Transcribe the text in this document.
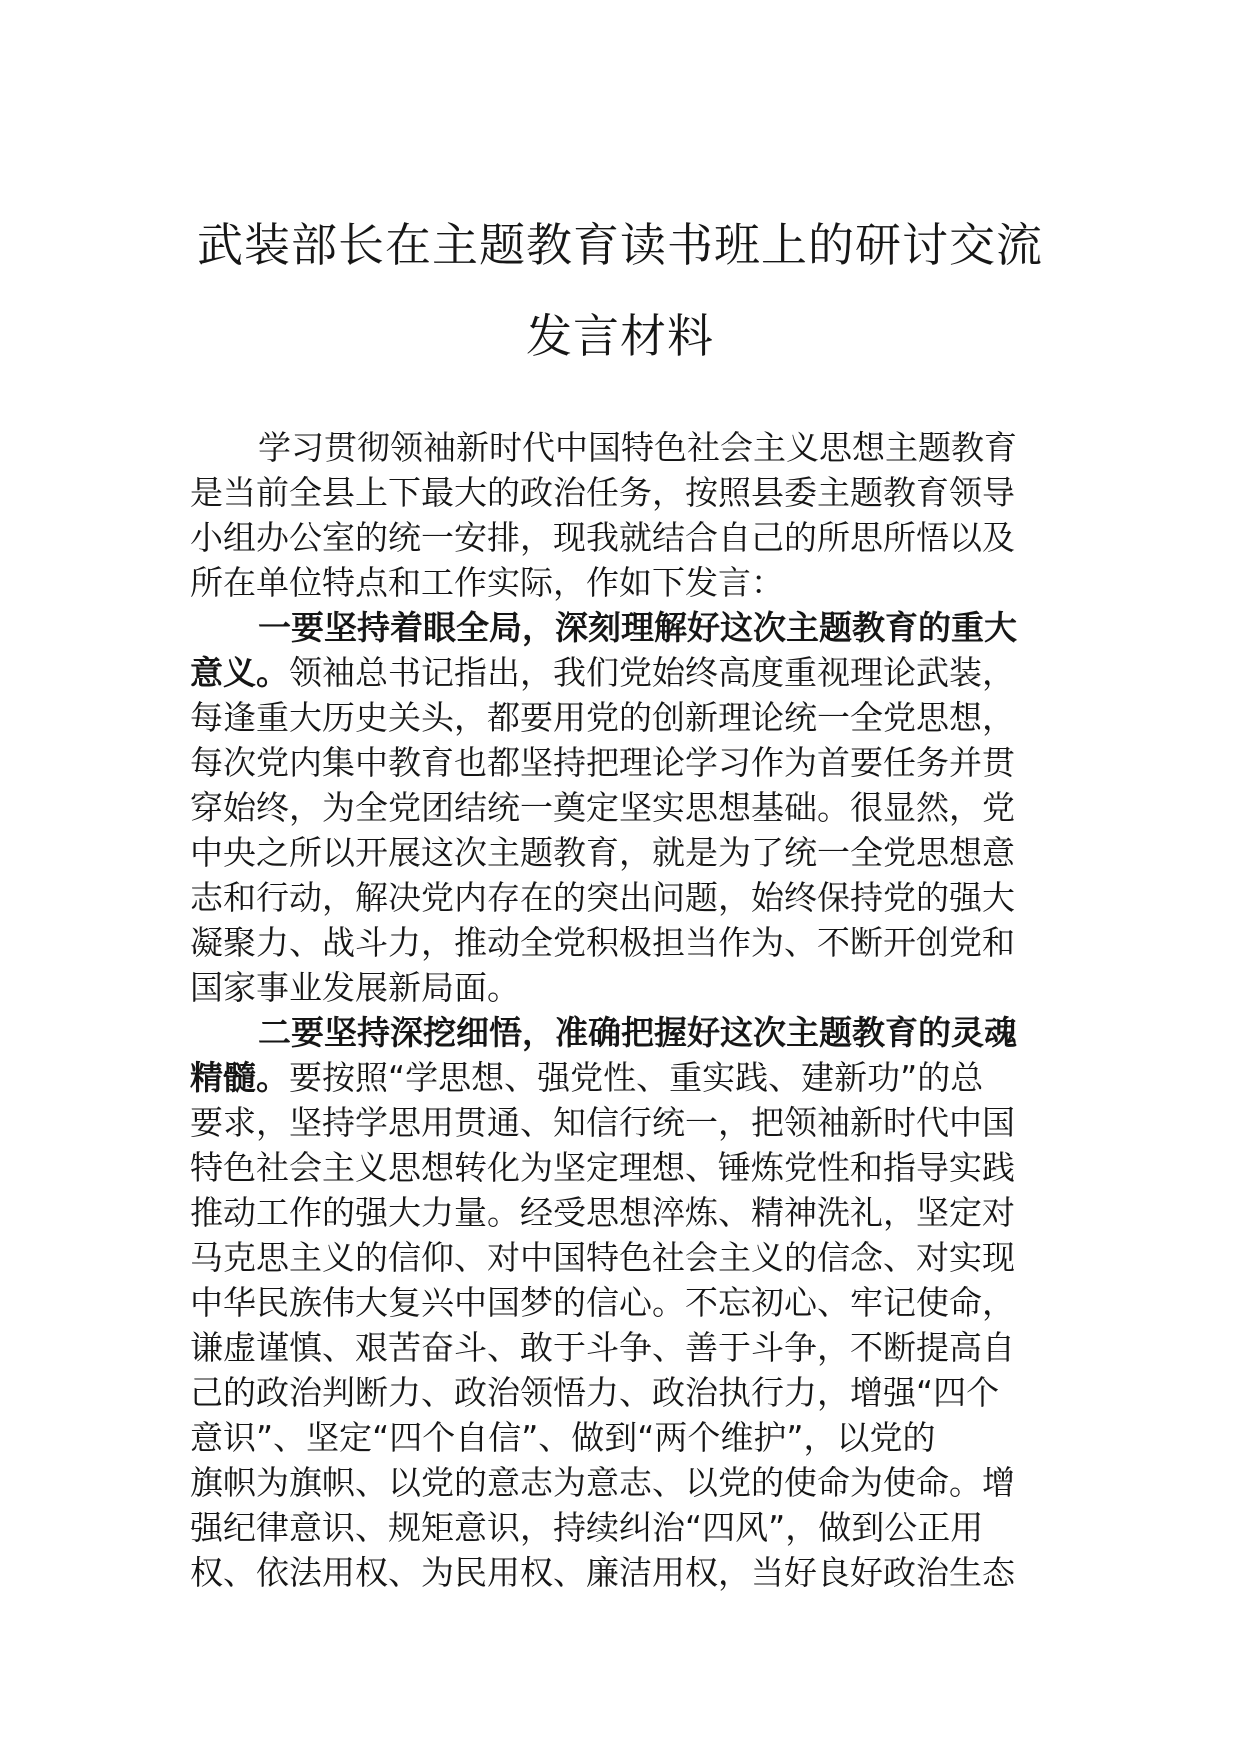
武装部长在主题教育读书班上的研讨交流
发言材料
学习贯彻领袖新时代中国特色社会主义思想主题教育
是当前全县上下最大的政治任务，按照县委主题教育领导
小组办公室的统一安排，现我就结合自己的所思所悟以及
所在单位特点和工作实际，作如下发言：
一要坚持着眼全局，深刻理解好这次主题教育的重大
意义。领袖总书记指出，我们党始终高度重视理论武装，
每逢重大历史关头，都要用党的创新理论统一全党思想，
每次党内集中教育也都坚持把理论学习作为首要任务并贯
穿始终，为全党团结统一奠定坚实思想基础。很显然，党
中央之所以开展这次主题教育，就是为了统一全党思想意
志和行动，解决党内存在的突出问题，始终保持党的强大
凝聚力、战斗力，推动全党积极担当作为、不断开创党和
国家事业发展新局面。
二要坚持深挖细悟，准确把握好这次主题教育的灵魂
精髓。要按照“学思想、强党性、重实践、建新功”的总
要求，坚持学思用贯通、知信行统一，把领袖新时代中国
特色社会主义思想转化为坚定理想、锤炼党性和指导实践
推动工作的强大力量。经受思想淬炼、精神洗礼，坚定对
马克思主义的信仰、对中国特色社会主义的信念、对实现
中华民族伟大复兴中国梦的信心。不忘初心、牢记使命，
谦虚谨慎、艰苦奋斗、敢于斗争、善于斗争，不断提高自
己的政治判断力、政治领悟力、政治执行力，增强“四个
意识”、坚定“四个自信”、做到“两个维护”，以党的
旗帜为旗帜、以党的意志为意志、以党的使命为使命。增
强纪律意识、规矩意识，持续纠治“四风”，做到公正用
权、依法用权、为民用权、廉洁用权，当好良好政治生态
